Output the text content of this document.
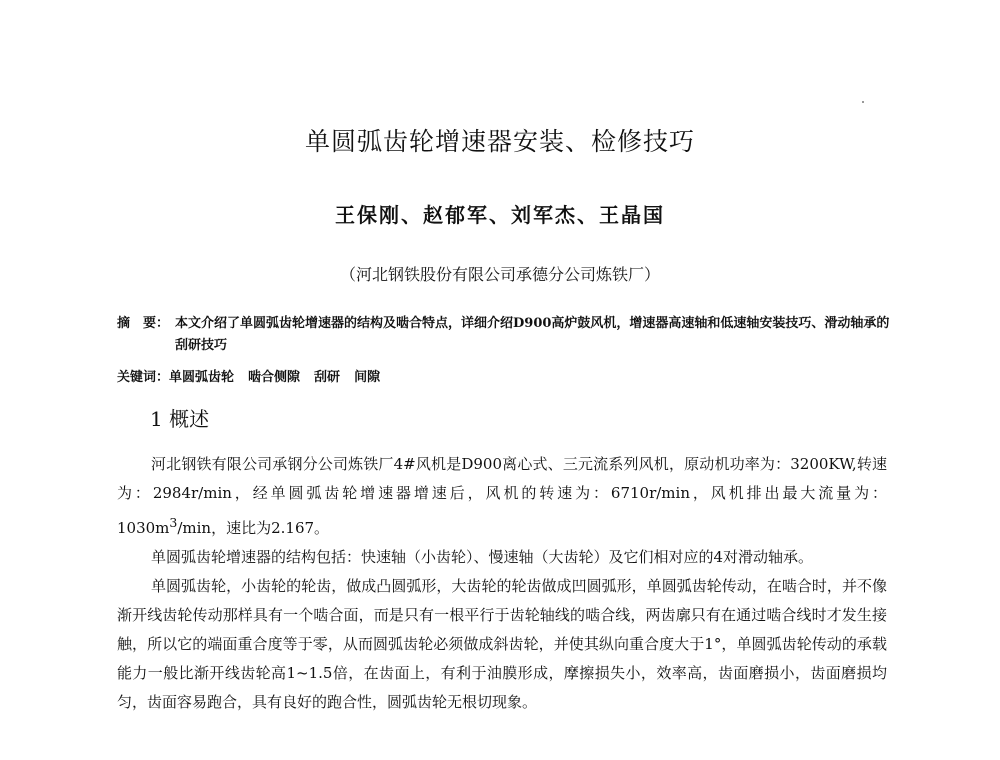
单圆弧齿轮增速器安装、检修技巧
王保刚、赵郁军、刘军杰、王晶国
（河北钢铁股份有限公司承德分公司炼铁厂）
摘　要： 本文介绍了单圆弧齿轮增速器的结构及啮合特点，详细介绍D900高炉鼓风机，增速器高速轴和低速轴安装技巧、滑动轴承的刮研技巧
关键词：单圆弧齿轮 啮合侧隙 刮研 间隙
1 概述

河北钢铁有限公司承钢分公司炼铁厂4#风机是D900离心式、三元流系列风机，原动机功率为：3200KW,转速为：2984r/min，经单圆弧齿轮增速器增速后，风机的转速为：6710r/min，风机排出最大流量为：$1030m^3/\min$，速比为2.167。

单圆弧齿轮增速器的结构包括：快速轴（小齿轮）、慢速轴（大齿轮）及它们相对应的4对滑动轴承。

单圆弧齿轮，小齿轮的轮齿，做成凸圆弧形，大齿轮的轮齿做成凹圆弧形，单圆弧齿轮传动，在啮合时，并不像渐开线齿轮传动那样具有一个啮合面，而是只有一根平行于齿轮轴线的啮合线，两齿廓只有在通过啮合线时才发生接触，所以它的端面重合度等于零，从而圆弧齿轮必须做成斜齿轮，并使其纵向重合度大于1°，单圆弧齿轮传动的承载能力一般比渐开线齿轮高1~1.5倍，在齿面上，有利于油膜形成，摩擦损失小，效率高，齿面磨损小，齿面磨损均匀，齿面容易跑合，具有良好的跑合性，圆弧齿轮无根切现象。
